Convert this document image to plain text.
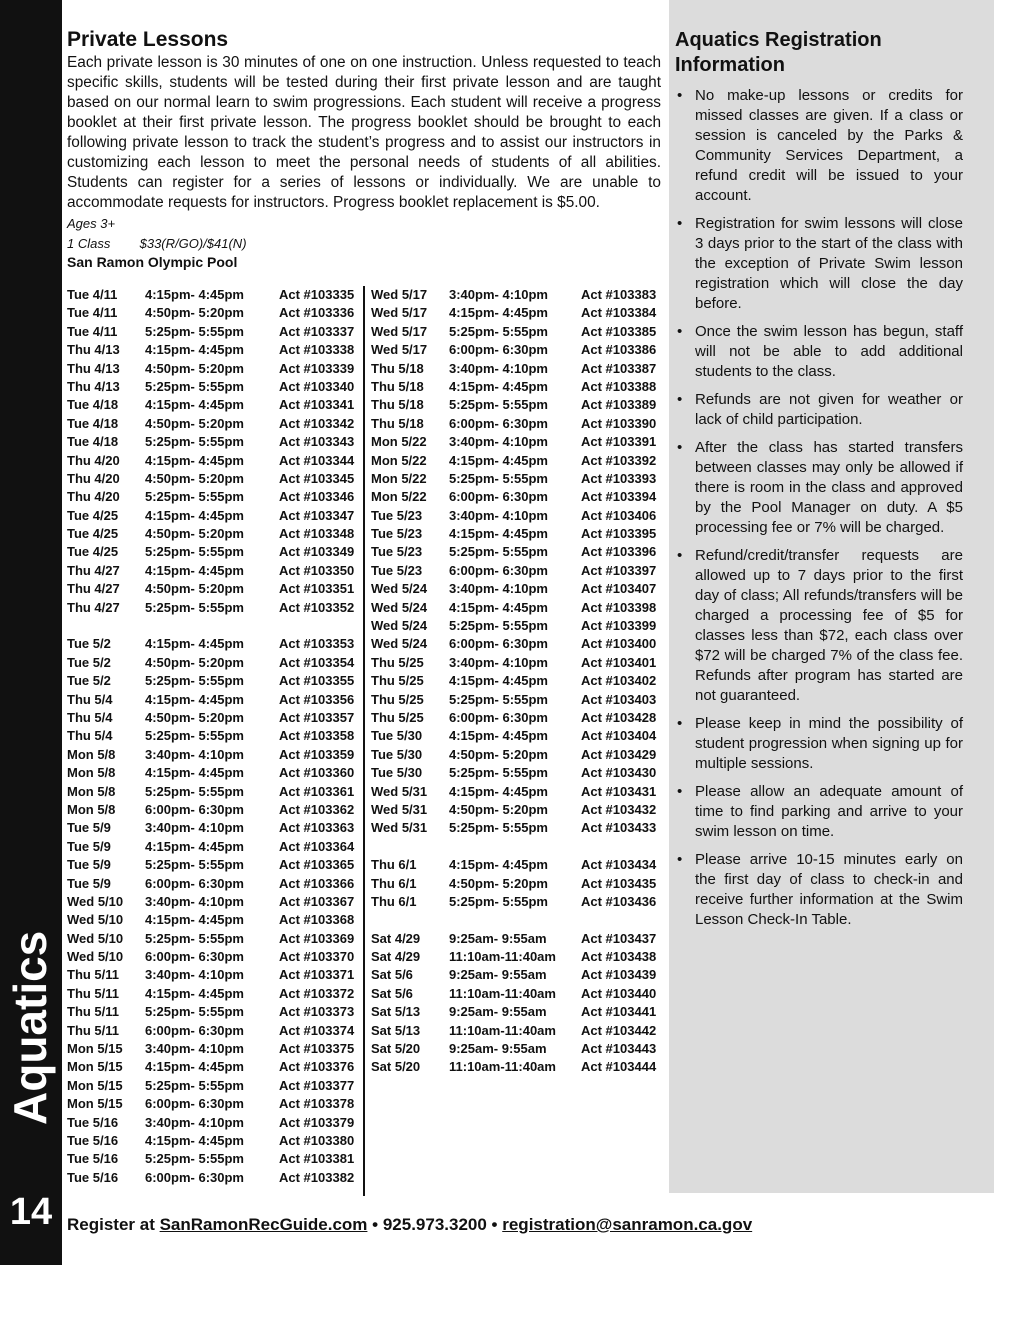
Aquatics
14
Private Lessons
Each private lesson is 30 minutes of one on one instruction. Unless requested to teach specific skills, students will be tested during their first private lesson and are taught based on our normal learn to swim progressions. Each student will receive a progress booklet at their first private lesson. The progress booklet should be brought to each following private lesson to track the student’s progress and to assist our instructors in customizing each lesson to meet the personal needs of students of all abilities. Students can register for a series of lessons or individually. We are unable to accommodate requests for instructors. Progress booklet replacement is $5.00.
Ages 3+
1 Class $33(R/GO)/$41(N)
San Ramon Olympic Pool
Tue 4/11 4:15pm- 4:45pm	Act #103335
Tue 4/11 4:50pm- 5:20pm	Act #103336
Tue 4/11 5:25pm- 5:55pm	Act #103337
Thu 4/13 4:15pm- 4:45pm	Act #103338
Thu 4/13 4:50pm- 5:20pm	Act #103339
Thu 4/13 5:25pm- 5:55pm	Act #103340
Tue 4/18 4:15pm- 4:45pm	Act #103341
Tue 4/18 4:50pm- 5:20pm	Act #103342
Tue 4/18 5:25pm- 5:55pm	Act #103343
Thu 4/20 4:15pm- 4:45pm	Act #103344
Thu 4/20 4:50pm- 5:20pm	Act #103345
Thu 4/20 5:25pm- 5:55pm	Act #103346
Tue 4/25 4:15pm- 4:45pm	Act #103347
Tue 4/25 4:50pm- 5:20pm	Act #103348
Tue 4/25 5:25pm- 5:55pm	Act #103349
Thu 4/27 4:15pm- 4:45pm	Act #103350
Thu 4/27 4:50pm- 5:20pm	Act #103351
Thu 4/27 5:25pm- 5:55pm	Act #103352
Tue 5/2	4:15pm- 4:45pm	Act #103353
Tue 5/2	4:50pm- 5:20pm	Act #103354
Tue 5/2	5:25pm- 5:55pm	Act #103355
Thu 5/4 4:15pm- 4:45pm	Act #103356
Thu 5/4 4:50pm- 5:20pm	Act #103357
Thu 5/4 5:25pm- 5:55pm	Act #103358
Mon 5/8 3:40pm- 4:10pm	Act #103359
Mon 5/8 4:15pm- 4:45pm	Act #103360
Mon 5/8 5:25pm- 5:55pm	Act #103361
Mon 5/8 6:00pm- 6:30pm	Act #103362
Tue 5/9	3:40pm- 4:10pm	Act #103363
Tue 5/9	4:15pm- 4:45pm	Act #103364
Tue 5/9	5:25pm- 5:55pm	Act #103365
Tue 5/9	6:00pm- 6:30pm	Act #103366
Wed 5/10 3:40pm- 4:10pm	Act #103367
Wed 5/10 4:15pm- 4:45pm	Act #103368
Wed 5/10 5:25pm- 5:55pm	Act #103369
Wed 5/10 6:00pm- 6:30pm	Act #103370
Thu 5/11 3:40pm- 4:10pm	Act #103371
Thu 5/11 4:15pm- 4:45pm	Act #103372
Thu 5/11 5:25pm- 5:55pm	Act #103373
Thu 5/11 6:00pm- 6:30pm	Act #103374
Mon 5/15 3:40pm- 4:10pm	Act #103375
Mon 5/15 4:15pm- 4:45pm	Act #103376
Mon 5/15 5:25pm- 5:55pm	Act #103377
Mon 5/15 6:00pm- 6:30pm	Act #103378
Tue 5/16 3:40pm- 4:10pm	Act #103379
Tue 5/16 4:15pm- 4:45pm	Act #103380
Tue 5/16 5:25pm- 5:55pm	Act #103381
Tue 5/16 6:00pm- 6:30pm	Act #103382
Wed 5/17 3:40pm- 4:10pm	Act #103383
Wed 5/17 4:15pm- 4:45pm	Act #103384
Wed 5/17 5:25pm- 5:55pm	Act #103385
Wed 5/17 6:00pm- 6:30pm	Act #103386
Thu 5/18 3:40pm- 4:10pm	Act #103387
Thu 5/18 4:15pm- 4:45pm	Act #103388
Thu 5/18 5:25pm- 5:55pm	Act #103389
Thu 5/18 6:00pm- 6:30pm	Act #103390
Mon 5/22 3:40pm- 4:10pm	Act #103391
Mon 5/22 4:15pm- 4:45pm	Act #103392
Mon 5/22 5:25pm- 5:55pm	Act #103393
Mon 5/22 6:00pm- 6:30pm	Act #103394
Tue 5/23 3:40pm- 4:10pm	Act #103406
Tue 5/23 4:15pm- 4:45pm	Act #103395
Tue 5/23 5:25pm- 5:55pm	Act #103396
Tue 5/23 6:00pm- 6:30pm	Act #103397
Wed 5/24 3:40pm- 4:10pm	Act #103407
Wed 5/24 4:15pm- 4:45pm	Act #103398
Wed 5/24 5:25pm- 5:55pm	Act #103399
Wed 5/24 6:00pm- 6:30pm	Act #103400
Thu 5/25 3:40pm- 4:10pm	Act #103401
Thu 5/25 4:15pm- 4:45pm	Act #103402
Thu 5/25 5:25pm- 5:55pm	Act #103403
Thu 5/25 6:00pm- 6:30pm	Act #103428
Tue 5/30 4:15pm- 4:45pm	Act #103404
Tue 5/30 4:50pm- 5:20pm	Act #103429
Tue 5/30 5:25pm- 5:55pm	Act #103430
Wed 5/31 4:15pm- 4:45pm	Act #103431
Wed 5/31 4:50pm- 5:20pm	Act #103432
Wed 5/31 5:25pm- 5:55pm	Act #103433
Thu 6/1 4:15pm- 4:45pm	Act #103434
Thu 6/1 4:50pm- 5:20pm	Act #103435
Thu 6/1 5:25pm- 5:55pm	Act #103436
Sat 4/29 9:25am- 9:55am	Act #103437
Sat 4/29 11:10am-11:40am Act #103438
Sat 5/6	9:25am- 9:55am	Act #103439
Sat 5/6	11:10am-11:40am Act #103440
Sat 5/13 9:25am- 9:55am	Act #103441
Sat 5/13 11:10am-11:40am Act #103442
Sat 5/20 9:25am- 9:55am	Act #103443
Sat 5/20 11:10am-11:40am Act #103444
Aquatics Registration Information
• No make-up lessons or credits for missed classes are given. If a class or session is canceled by the Parks & Community Services Department, a refund credit will be issued to your account.
• Registration for swim lessons will close 3 days prior to the start of the class with the exception of Private Swim lesson registration which will close the day before.
• Once the swim lesson has begun, staff will not be able to add additional students to the class.
• Refunds are not given for weather or lack of child participation.
• After the class has started transfers between classes may only be allowed if there is room in the class and approved by the Pool Manager on duty. A $5 processing fee or 7% will be charged.
• Refund/credit/transfer requests are allowed up to 7 days prior to the first day of class; All refunds/transfers will be charged a processing fee of $5 for classes less than $72, each class over $72 will be charged 7% of the class fee. Refunds after program has started are not guaranteed.
• Please keep in mind the possibility of student progression when signing up for multiple sessions.
• Please allow an adequate amount of time to find parking and arrive to your swim lesson on time.
• Please arrive 10-15 minutes early on the first day of class to check-in and receive further information at the Swim Lesson Check-In Table.
Register at SanRamonRecGuide.com • 925.973.3200 • registration@sanramon.ca.gov
